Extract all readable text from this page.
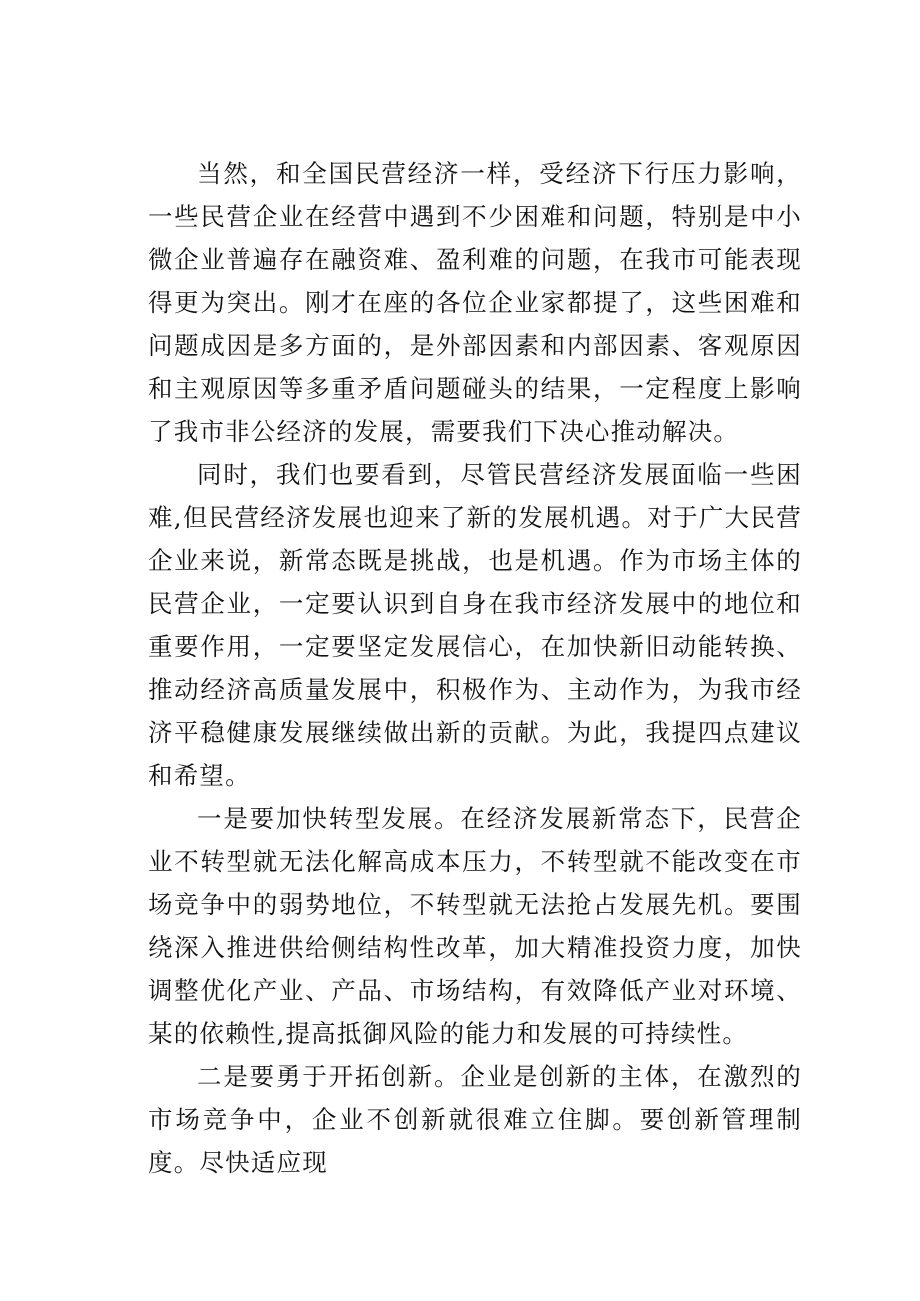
当然，和全国民营经济一样，受经济下行压力影响，一些民营企业在经营中遇到不少困难和问题，特别是中小微企业普遍存在融资难、盈利难的问题，在我市可能表现得更为突出。刚才在座的各位企业家都提了，这些困难和问题成因是多方面的，是外部因素和内部因素、客观原因和主观原因等多重矛盾问题碰头的结果，一定程度上影响了我市非公经济的发展，需要我们下决心推动解决。

同时，我们也要看到，尽管民营经济发展面临一些困难,但民营经济发展也迎来了新的发展机遇。对于广大民营企业来说，新常态既是挑战，也是机遇。作为市场主体的民营企业，一定要认识到自身在我市经济发展中的地位和重要作用，一定要坚定发展信心，在加快新旧动能转换、推动经济高质量发展中，积极作为、主动作为，为我市经济平稳健康发展继续做出新的贡献。为此，我提四点建议和希望。

一是要加快转型发展。在经济发展新常态下，民营企业不转型就无法化解高成本压力，不转型就不能改变在市场竞争中的弱势地位，不转型就无法抢占发展先机。要围绕深入推进供给侧结构性改革，加大精准投资力度，加快调整优化产业、产品、市场结构，有效降低产业对环境、某的依赖性,提高抵御风险的能力和发展的可持续性。

二是要勇于开拓创新。企业是创新的主体，在激烈的市场竞争中，企业不创新就很难立住脚。要创新管理制度。尽快适应现
